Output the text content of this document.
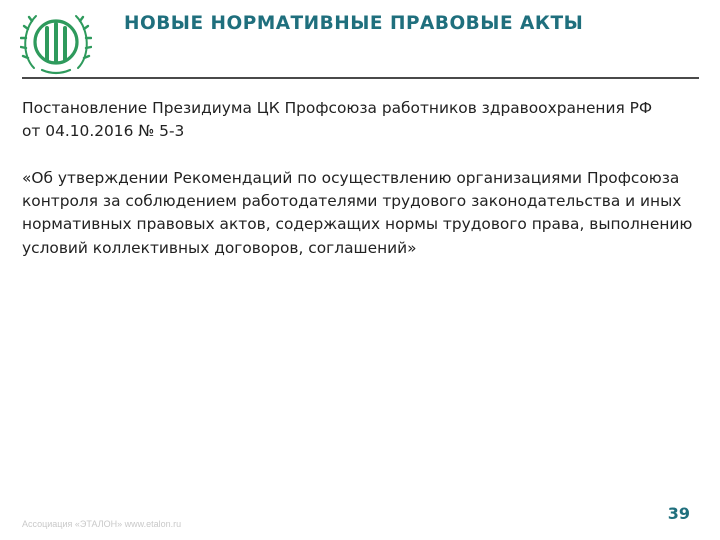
НОВЫЕ НОРМАТИВНЫЕ ПРАВОВЫЕ АКТЫ
Постановление Президиума ЦК Профсоюза работников здравоохранения РФ
от 04.10.2016 № 5-3
«Об утверждении Рекомендаций по осуществлению организациями Профсоюза контроля за соблюдением работодателями трудового законодательства и иных нормативных правовых актов, содержащих нормы трудового права, выполнению условий коллективных договоров, соглашений»
Ассоциация «ЭТАЛОН» www.etalon.ru
39
